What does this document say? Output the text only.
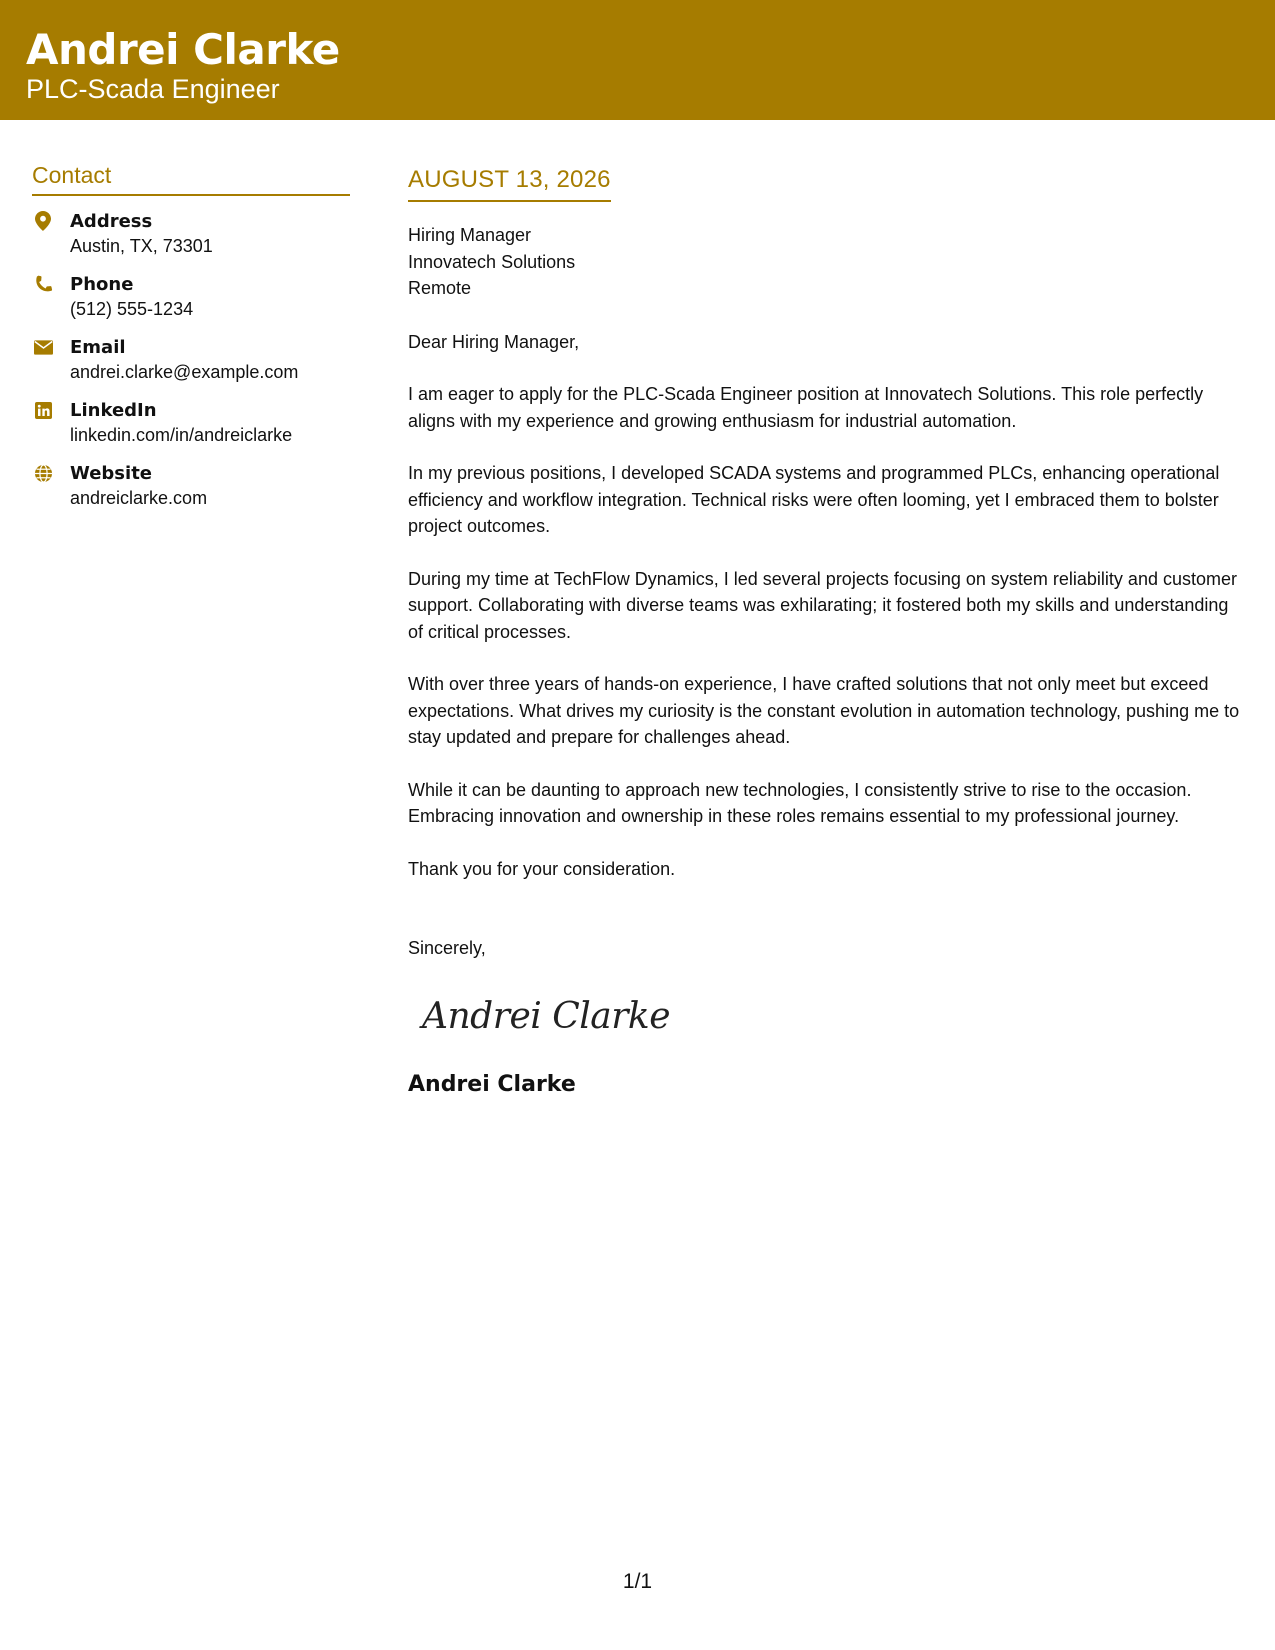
Andrei Clarke
PLC-Scada Engineer
Contact
Address
Austin, TX, 73301
Phone
(512) 555-1234
Email
andrei.clarke@example.com
LinkedIn
linkedin.com/in/andreiclarke
Website
andreiclarke.com
AUGUST 13, 2026
Hiring Manager
Innovatech Solutions
Remote
Dear Hiring Manager,
I am eager to apply for the PLC-Scada Engineer position at Innovatech Solutions. This role perfectly aligns with my experience and growing enthusiasm for industrial automation.
In my previous positions, I developed SCADA systems and programmed PLCs, enhancing operational efficiency and workflow integration. Technical risks were often looming, yet I embraced them to bolster project outcomes.
During my time at TechFlow Dynamics, I led several projects focusing on system reliability and customer support. Collaborating with diverse teams was exhilarating; it fostered both my skills and understanding of critical processes.
With over three years of hands-on experience, I have crafted solutions that not only meet but exceed expectations. What drives my curiosity is the constant evolution in automation technology, pushing me to stay updated and prepare for challenges ahead.
While it can be daunting to approach new technologies, I consistently strive to rise to the occasion. Embracing innovation and ownership in these roles remains essential to my professional journey.
Thank you for your consideration.
Sincerely,
Andrei Clarke
Andrei Clarke
1/1
